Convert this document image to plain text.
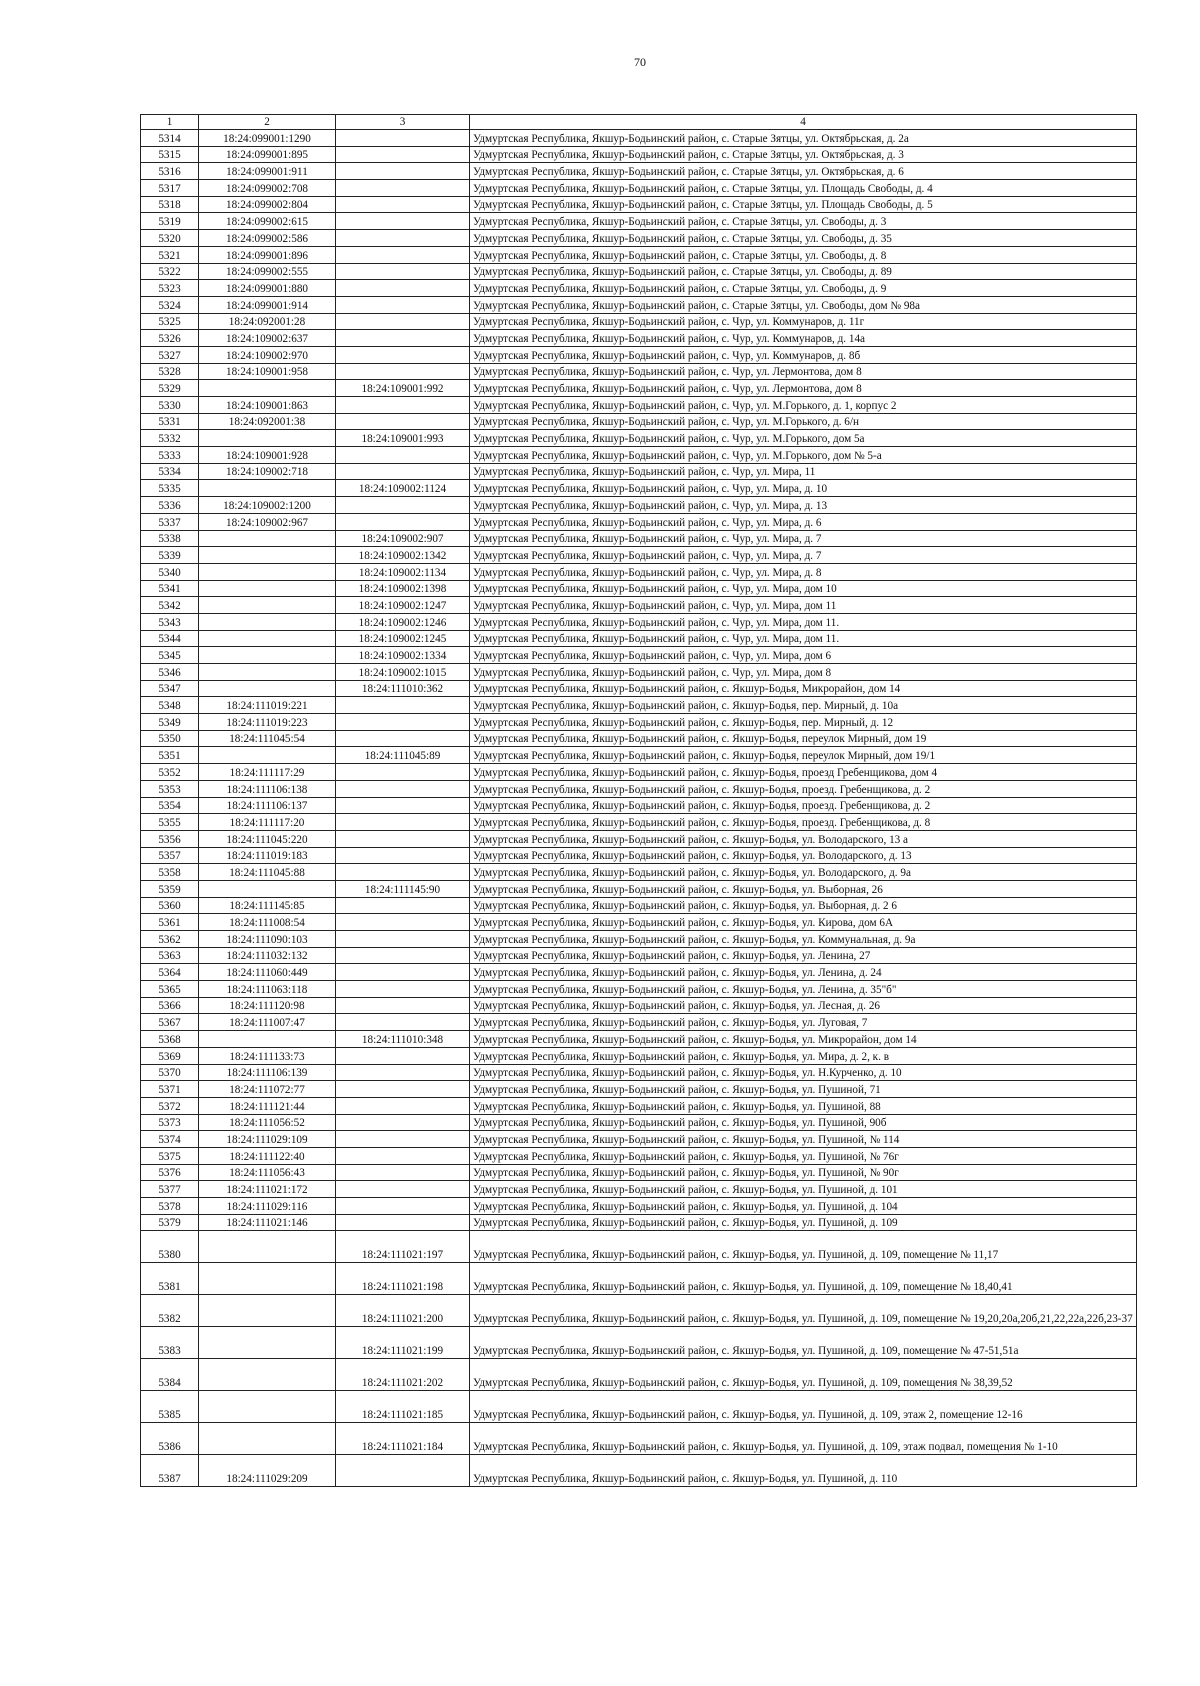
70
1	2	3	4
5314	18:24:099001:1290		Удмуртская Республика, Якшур-Бодьинский район, с. Старые Зятцы, ул. Октябрьская, д. 2а
5315	18:24:099001:895		Удмуртская Республика, Якшур-Бодьинский район, с. Старые Зятцы, ул. Октябрьская, д. 3
5316	18:24:099001:911		Удмуртская Республика, Якшур-Бодьинский район, с. Старые Зятцы, ул. Октябрьская, д. 6
5317	18:24:099002:708		Удмуртская Республика, Якшур-Бодьинский район, с. Старые Зятцы, ул. Площадь Свободы, д. 4
5318	18:24:099002:804		Удмуртская Республика, Якшур-Бодьинский район, с. Старые Зятцы, ул. Площадь Свободы, д. 5
5319	18:24:099002:615		Удмуртская Республика, Якшур-Бодьинский район, с. Старые Зятцы, ул. Свободы, д. 3
5320	18:24:099002:586		Удмуртская Республика, Якшур-Бодьинский район, с. Старые Зятцы, ул. Свободы, д. 35
5321	18:24:099001:896		Удмуртская Республика, Якшур-Бодьинский район, с. Старые Зятцы, ул. Свободы, д. 8
5322	18:24:099002:555		Удмуртская Республика, Якшур-Бодьинский район, с. Старые Зятцы, ул. Свободы, д. 89
5323	18:24:099001:880		Удмуртская Республика, Якшур-Бодьинский район, с. Старые Зятцы, ул. Свободы, д. 9
5324	18:24:099001:914		Удмуртская Республика, Якшур-Бодьинский район, с. Старые Зятцы, ул. Свободы, дом № 98а
5325	18:24:092001:28		Удмуртская Республика, Якшур-Бодьинский район, с. Чур, ул. Коммунаров, д. 11г
5326	18:24:109002:637		Удмуртская Республика, Якшур-Бодьинский район, с. Чур, ул. Коммунаров, д. 14а
5327	18:24:109002:970		Удмуртская Республика, Якшур-Бодьинский район, с. Чур, ул. Коммунаров, д. 8б
5328	18:24:109001:958		Удмуртская Республика, Якшур-Бодьинский район, с. Чур, ул. Лермонтова, дом 8
5329		18:24:109001:992	Удмуртская Республика, Якшур-Бодьинский район, с. Чур, ул. Лермонтова, дом 8
5330	18:24:109001:863		Удмуртская Республика, Якшур-Бодьинский район, с. Чур, ул. М.Горького, д. 1, корпус 2
5331	18:24:092001:38		Удмуртская Республика, Якшур-Бодьинский район, с. Чур, ул. М.Горького, д. 6/н
5332		18:24:109001:993	Удмуртская Республика, Якшур-Бодьинский район, с. Чур, ул. М.Горького, дом 5а
5333	18:24:109001:928		Удмуртская Республика, Якшур-Бодьинский район, с. Чур, ул. М.Горького, дом № 5-а
5334	18:24:109002:718		Удмуртская Республика, Якшур-Бодьинский район, с. Чур, ул. Мира, 11
5335		18:24:109002:1124	Удмуртская Республика, Якшур-Бодьинский район, с. Чур, ул. Мира, д. 10
5336	18:24:109002:1200		Удмуртская Республика, Якшур-Бодьинский район, с. Чур, ул. Мира, д. 13
5337	18:24:109002:967		Удмуртская Республика, Якшур-Бодьинский район, с. Чур, ул. Мира, д. 6
5338		18:24:109002:907	Удмуртская Республика, Якшур-Бодьинский район, с. Чур, ул. Мира, д. 7
5339		18:24:109002:1342	Удмуртская Республика, Якшур-Бодьинский район, с. Чур, ул. Мира, д. 7
5340		18:24:109002:1134	Удмуртская Республика, Якшур-Бодьинский район, с. Чур, ул. Мира, д. 8
5341		18:24:109002:1398	Удмуртская Республика, Якшур-Бодьинский район, с. Чур, ул. Мира, дом 10
5342		18:24:109002:1247	Удмуртская Республика, Якшур-Бодьинский район, с. Чур, ул. Мира, дом 11
5343		18:24:109002:1246	Удмуртская Республика, Якшур-Бодьинский район, с. Чур, ул. Мира, дом 11.
5344		18:24:109002:1245	Удмуртская Республика, Якшур-Бодьинский район, с. Чур, ул. Мира, дом 11.
5345		18:24:109002:1334	Удмуртская Республика, Якшур-Бодьинский район, с. Чур, ул. Мира, дом 6
5346		18:24:109002:1015	Удмуртская Республика, Якшур-Бодьинский район, с. Чур, ул. Мира, дом 8
5347		18:24:111010:362	Удмуртская Республика, Якшур-Бодьинский район, с. Якшур-Бодья, Микрорайон, дом 14
5348	18:24:111019:221		Удмуртская Республика, Якшур-Бодьинский район, с. Якшур-Бодья, пер. Мирный, д. 10а
5349	18:24:111019:223		Удмуртская Республика, Якшур-Бодьинский район, с. Якшур-Бодья, пер. Мирный, д. 12
5350	18:24:111045:54		Удмуртская Республика, Якшур-Бодьинский район, с. Якшур-Бодья, переулок Мирный, дом 19
5351		18:24:111045:89	Удмуртская Республика, Якшур-Бодьинский район, с. Якшур-Бодья, переулок Мирный, дом 19/1
5352	18:24:111117:29		Удмуртская Республика, Якшур-Бодьинский район, с. Якшур-Бодья, проезд Гребенщикова, дом 4
5353	18:24:111106:138		Удмуртская Республика, Якшур-Бодьинский район, с. Якшур-Бодья, проезд. Гребенщикова, д. 2
5354	18:24:111106:137		Удмуртская Республика, Якшур-Бодьинский район, с. Якшур-Бодья, проезд. Гребенщикова, д. 2
5355	18:24:111117:20		Удмуртская Республика, Якшур-Бодьинский район, с. Якшур-Бодья, проезд. Гребенщикова, д. 8
5356	18:24:111045:220		Удмуртская Республика, Якшур-Бодьинский район, с. Якшур-Бодья, ул. Володарского, 13 а
5357	18:24:111019:183		Удмуртская Республика, Якшур-Бодьинский район, с. Якшур-Бодья, ул. Володарского, д. 13
5358	18:24:111045:88		Удмуртская Республика, Якшур-Бодьинский район, с. Якшур-Бодья, ул. Володарского, д. 9а
5359		18:24:111145:90	Удмуртская Республика, Якшур-Бодьинский район, с. Якшур-Бодья, ул. Выборная, 26
5360	18:24:111145:85		Удмуртская Республика, Якшур-Бодьинский район, с. Якшур-Бодья, ул. Выборная, д. 2 6
5361	18:24:111008:54		Удмуртская Республика, Якшур-Бодьинский район, с. Якшур-Бодья, ул. Кирова, дом 6А
5362	18:24:111090:103		Удмуртская Республика, Якшур-Бодьинский район, с. Якшур-Бодья, ул. Коммунальная, д. 9а
5363	18:24:111032:132		Удмуртская Республика, Якшур-Бодьинский район, с. Якшур-Бодья, ул. Ленина, 27
5364	18:24:111060:449		Удмуртская Республика, Якшур-Бодьинский район, с. Якшур-Бодья, ул. Ленина, д. 24
5365	18:24:111063:118		Удмуртская Республика, Якшур-Бодьинский район, с. Якшур-Бодья, ул. Ленина, д. 35"б"
5366	18:24:111120:98		Удмуртская Республика, Якшур-Бодьинский район, с. Якшур-Бодья, ул. Лесная, д. 26
5367	18:24:111007:47		Удмуртская Республика, Якшур-Бодьинский район, с. Якшур-Бодья, ул. Луговая, 7
5368		18:24:111010:348	Удмуртская Республика, Якшур-Бодьинский район, с. Якшур-Бодья, ул. Микрорайон, дом 14
5369	18:24:111133:73		Удмуртская Республика, Якшур-Бодьинский район, с. Якшур-Бодья, ул. Мира, д. 2, к. в
5370	18:24:111106:139		Удмуртская Республика, Якшур-Бодьинский район, с. Якшур-Бодья, ул. Н.Курченко, д. 10
5371	18:24:111072:77		Удмуртская Республика, Якшур-Бодьинский район, с. Якшур-Бодья, ул. Пушиной, 71
5372	18:24:111121:44		Удмуртская Республика, Якшур-Бодьинский район, с. Якшур-Бодья, ул. Пушиной, 88
5373	18:24:111056:52		Удмуртская Республика, Якшур-Бодьинский район, с. Якшур-Бодья, ул. Пушиной, 90б
5374	18:24:111029:109		Удмуртская Республика, Якшур-Бодьинский район, с. Якшур-Бодья, ул. Пушиной, № 114
5375	18:24:111122:40		Удмуртская Республика, Якшур-Бодьинский район, с. Якшур-Бодья, ул. Пушиной, № 76г
5376	18:24:111056:43		Удмуртская Республика, Якшур-Бодьинский район, с. Якшур-Бодья, ул. Пушиной, № 90г
5377	18:24:111021:172		Удмуртская Республика, Якшур-Бодьинский район, с. Якшур-Бодья, ул. Пушиной, д. 101
5378	18:24:111029:116		Удмуртская Республика, Якшур-Бодьинский район, с. Якшур-Бодья, ул. Пушиной, д. 104
5379	18:24:111021:146		Удмуртская Республика, Якшур-Бодьинский район, с. Якшур-Бодья, ул. Пушиной, д. 109
5380		18:24:111021:197	Удмуртская Республика, Якшур-Бодьинский район, с. Якшур-Бодья, ул. Пушиной, д. 109, помещение № 11,17
5381		18:24:111021:198	Удмуртская Республика, Якшур-Бодьинский район, с. Якшур-Бодья, ул. Пушиной, д. 109, помещение № 18,40,41
5382		18:24:111021:200	Удмуртская Республика, Якшур-Бодьинский район, с. Якшур-Бодья, ул. Пушиной, д. 109, помещение № 19,20,20а,20б,21,22,22а,22б,23-37
5383		18:24:111021:199	Удмуртская Республика, Якшур-Бодьинский район, с. Якшур-Бодья, ул. Пушиной, д. 109, помещение № 47-51,51а
5384		18:24:111021:202	Удмуртская Республика, Якшур-Бодьинский район, с. Якшур-Бодья, ул. Пушиной, д. 109, помещения № 38,39,52
5385		18:24:111021:185	Удмуртская Республика, Якшур-Бодьинский район, с. Якшур-Бодья, ул. Пушиной, д. 109, этаж 2, помещение 12-16
5386		18:24:111021:184	Удмуртская Республика, Якшур-Бодьинский район, с. Якшур-Бодья, ул. Пушиной, д. 109, этаж подвал, помещения № 1-10
5387	18:24:111029:209		Удмуртская Республика, Якшур-Бодьинский район, с. Якшур-Бодья, ул. Пушиной, д. 110
